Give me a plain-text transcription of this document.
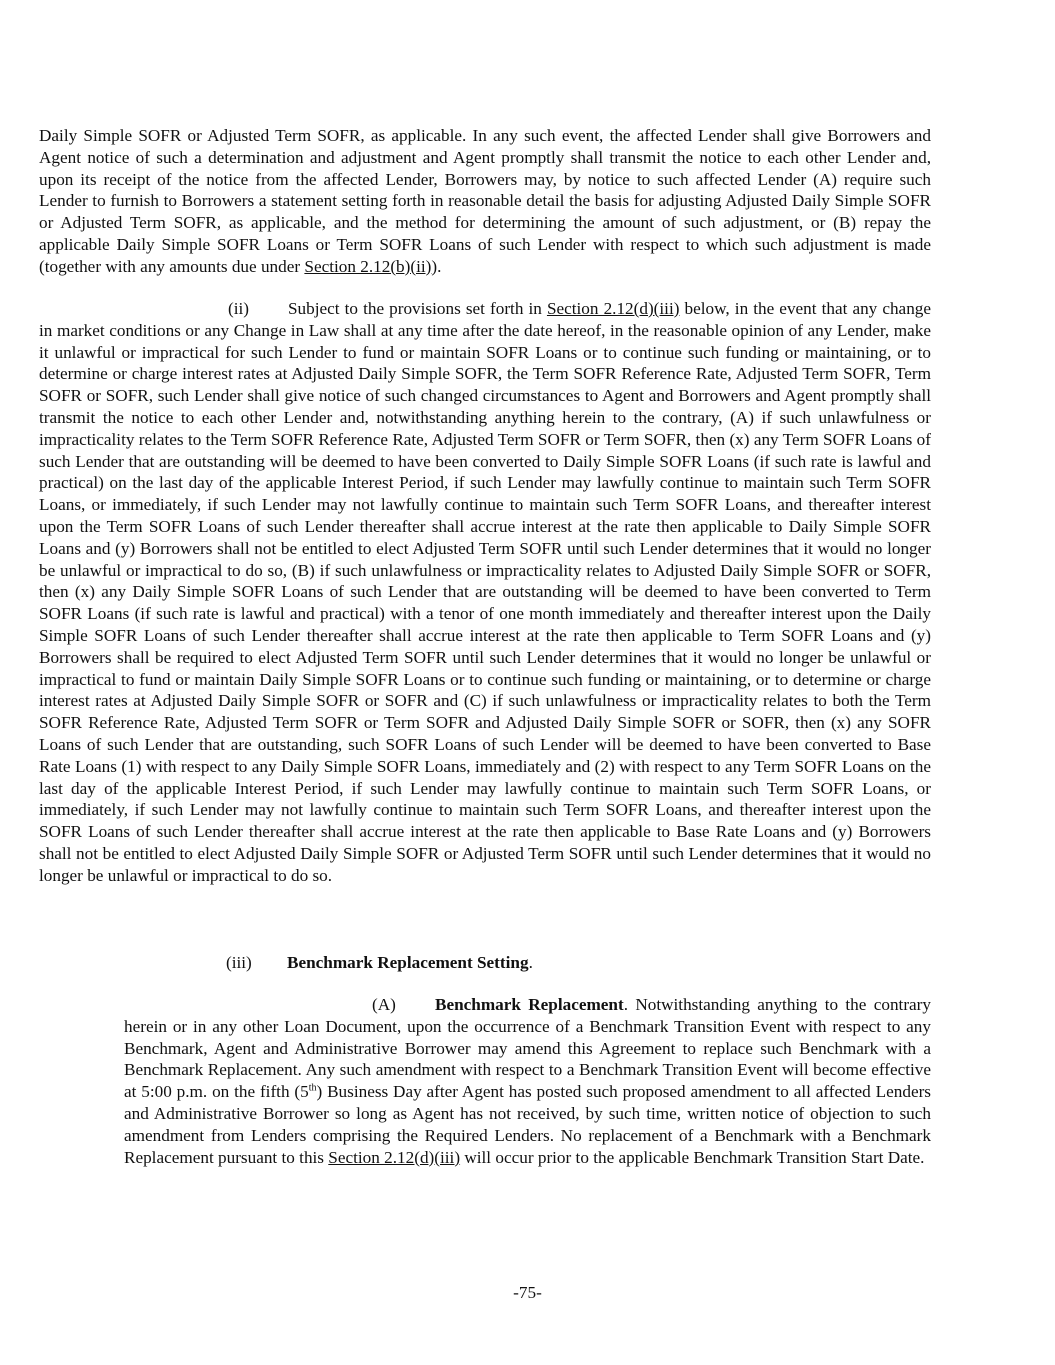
Daily Simple SOFR or Adjusted Term SOFR, as applicable. In any such event, the affected Lender shall give Borrowers and Agent notice of such a determination and adjustment and Agent promptly shall transmit the notice to each other Lender and, upon its receipt of the notice from the affected Lender, Borrowers may, by notice to such affected Lender (A) require such Lender to furnish to Borrowers a statement setting forth in reasonable detail the basis for adjusting Adjusted Daily Simple SOFR or Adjusted Term SOFR, as applicable, and the method for determining the amount of such adjustment, or (B) repay the applicable Daily Simple SOFR Loans or Term SOFR Loans of such Lender with respect to which such adjustment is made (together with any amounts due under Section 2.12(b)(ii)).

(ii) Subject to the provisions set forth in Section 2.12(d)(iii) below, in the event that any change in market conditions or any Change in Law shall at any time after the date hereof, in the reasonable opinion of any Lender, make it unlawful or impractical for such Lender to fund or maintain SOFR Loans or to continue such funding or maintaining, or to determine or charge interest rates at Adjusted Daily Simple SOFR, the Term SOFR Reference Rate, Adjusted Term SOFR, Term SOFR or SOFR, such Lender shall give notice of such changed circumstances to Agent and Borrowers and Agent promptly shall transmit the notice to each other Lender and, notwithstanding anything herein to the contrary, (A) if such unlawfulness or impracticality relates to the Term SOFR Reference Rate, Adjusted Term SOFR or Term SOFR, then (x) any Term SOFR Loans of such Lender that are outstanding will be deemed to have been converted to Daily Simple SOFR Loans (if such rate is lawful and practical) on the last day of the applicable Interest Period, if such Lender may lawfully continue to maintain such Term SOFR Loans, or immediately, if such Lender may not lawfully continue to maintain such Term SOFR Loans, and thereafter interest upon the Term SOFR Loans of such Lender thereafter shall accrue interest at the rate then applicable to Daily Simple SOFR Loans and (y) Borrowers shall not be entitled to elect Adjusted Term SOFR until such Lender determines that it would no longer be unlawful or impractical to do so, (B) if such unlawfulness or impracticality relates to Adjusted Daily Simple SOFR or SOFR, then (x) any Daily Simple SOFR Loans of such Lender that are outstanding will be deemed to have been converted to Term SOFR Loans (if such rate is lawful and practical) with a tenor of one month immediately and thereafter interest upon the Daily Simple SOFR Loans of such Lender thereafter shall accrue interest at the rate then applicable to Term SOFR Loans and (y) Borrowers shall be required to elect Adjusted Term SOFR until such Lender determines that it would no longer be unlawful or impractical to fund or maintain Daily Simple SOFR Loans or to continue such funding or maintaining, or to determine or charge interest rates at Adjusted Daily Simple SOFR or SOFR and (C) if such unlawfulness or impracticality relates to both the Term SOFR Reference Rate, Adjusted Term SOFR or Term SOFR and Adjusted Daily Simple SOFR or SOFR, then (x) any SOFR Loans of such Lender that are outstanding, such SOFR Loans of such Lender will be deemed to have been converted to Base Rate Loans (1) with respect to any Daily Simple SOFR Loans, immediately and (2) with respect to any Term SOFR Loans on the last day of the applicable Interest Period, if such Lender may lawfully continue to maintain such Term SOFR Loans, or immediately, if such Lender may not lawfully continue to maintain such Term SOFR Loans, and thereafter interest upon the SOFR Loans of such Lender thereafter shall accrue interest at the rate then applicable to Base Rate Loans and (y) Borrowers shall not be entitled to elect Adjusted Daily Simple SOFR or Adjusted Term SOFR until such Lender determines that it would no longer be unlawful or impractical to do so.

(iii) Benchmark Replacement Setting.

(A) Benchmark Replacement. Notwithstanding anything to the contrary herein or in any other Loan Document, upon the occurrence of a Benchmark Transition Event with respect to any Benchmark, Agent and Administrative Borrower may amend this Agreement to replace such Benchmark with a Benchmark Replacement. Any such amendment with respect to a Benchmark Transition Event will become effective at 5:00 p.m. on the fifth (5th) Business Day after Agent has posted such proposed amendment to all affected Lenders and Administrative Borrower so long as Agent has not received, by such time, written notice of objection to such amendment from Lenders comprising the Required Lenders. No replacement of a Benchmark with a Benchmark Replacement pursuant to this Section 2.12(d)(iii) will occur prior to the applicable Benchmark Transition Start Date.

-75-
